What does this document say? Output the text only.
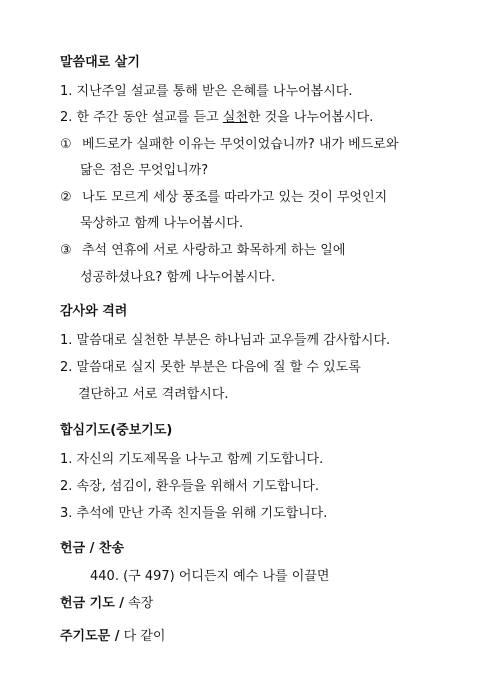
말씀대로 살기
1. 지난주일 설교를 통해 받은 은혜를 나누어봅시다.
2. 한 주간 동안 설교를 듣고 실천한 것을 나누어봅시다.
① 베드로가 실패한 이유는 무엇이었습니까? 내가 베드로와
닮은 점은 무엇입니까?
② 나도 모르게 세상 풍조를 따라가고 있는 것이 무엇인지
묵상하고 함께 나누어봅시다.
③ 추석 연휴에 서로 사랑하고 화목하게 하는 일에
성공하셨나요? 함께 나누어봅시다.
감사와 격려
1. 말씀대로 실천한 부분은 하나님과 교우들께 감사합시다.
2. 말씀대로 실지 못한 부분은 다음에 질 할 수 있도록
결단하고 서로 격려합시다.
합심기도(중보기도)
1. 자신의 기도제목을 나누고 함께 기도합니다.
2. 속장, 섬김이, 환우들을 위해서 기도합니다.
3. 추석에 만난 가족 친지들을 위해 기도합니다.
헌금 / 찬송
440. (구 497) 어디든지 예수 나를 이끌면
헌금 기도 / 속장
주기도문 / 다 같이
